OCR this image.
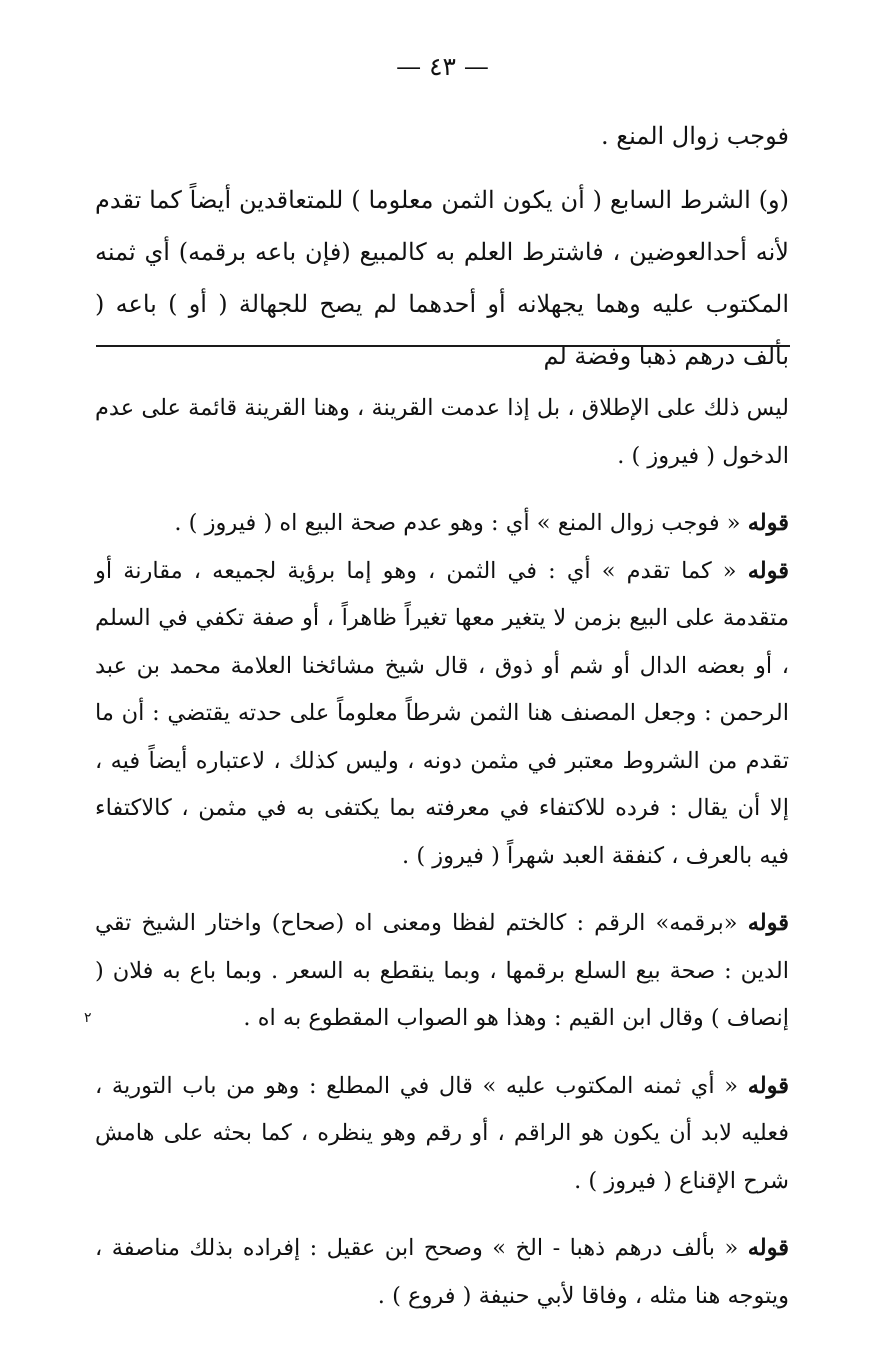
— ٤٣ —

فوجب زوال المنع .

(و) الشرط السابع ( أن يكون الثمن معلوما ) للمتعاقدين أيضاً كما تقدم لأنه أحدالعوضين ، فاشترط العلم به كالمبيع (فإن باعه برقمه) أي ثمنه المكتوب عليه وهما يجهلانه أو أحدهما لم يصح للجهالة ( أو ) باعه ( بألف درهم ذهبا وفضة لم

ليس ذلك على الإطلاق ، بل إذا عدمت القرينة ، وهنا القرينة قائمة على عدم الدخول ( فيروز ) .

قوله « فوجب زوال المنع » أي : وهو عدم صحة البيع اه ( فيروز ) .

قوله « كما تقدم » أي : في الثمن ، وهو إما برؤية لجميعه ، مقارنة أو متقدمة على البيع بزمن لا يتغير معها تغيراً ظاهراً ، أو صفة تكفي في السلم ، أو بعضه الدال أو شم أو ذوق ، قال شيخ مشائخنا العلامة محمد بن عبد الرحمن : وجعل المصنف هنا الثمن شرطاً معلوماً على حدته يقتضي : أن ما تقدم من الشروط معتبر في مثمن دونه ، وليس كذلك ، لاعتباره أيضاً فيه ، إلا أن يقال : فرده للاكتفاء في معرفته بما يكتفى به في مثمن ، كالاكتفاء فيه بالعرف ، كنفقة العبد شهراً ( فيروز ) .

قوله «برقمه» الرقم : كالختم لفظا ومعنى اه (صحاح) واختار الشيخ تقي الدين : صحة بيع السلع برقمها ، وبما ينقطع به السعر . وبما باع به فلان ( إنصاف ) وقال ابن القيم : وهذا هو الصواب المقطوع به اه .

قوله « أي ثمنه المكتوب عليه » قال في المطلع : وهو من باب التورية ، فعليه لابد أن يكون هو الراقم ، أو رقم وهو ينظره ، كما بحثه على هامش شرح الإقناع ( فيروز ) .

قوله « بألف درهم ذهبا - الخ » وصحح ابن عقيل : إفراده بذلك مناصفة ، ويتوجه هنا مثله ، وفاقا لأبي حنيفة ( فروع ) .

٢
